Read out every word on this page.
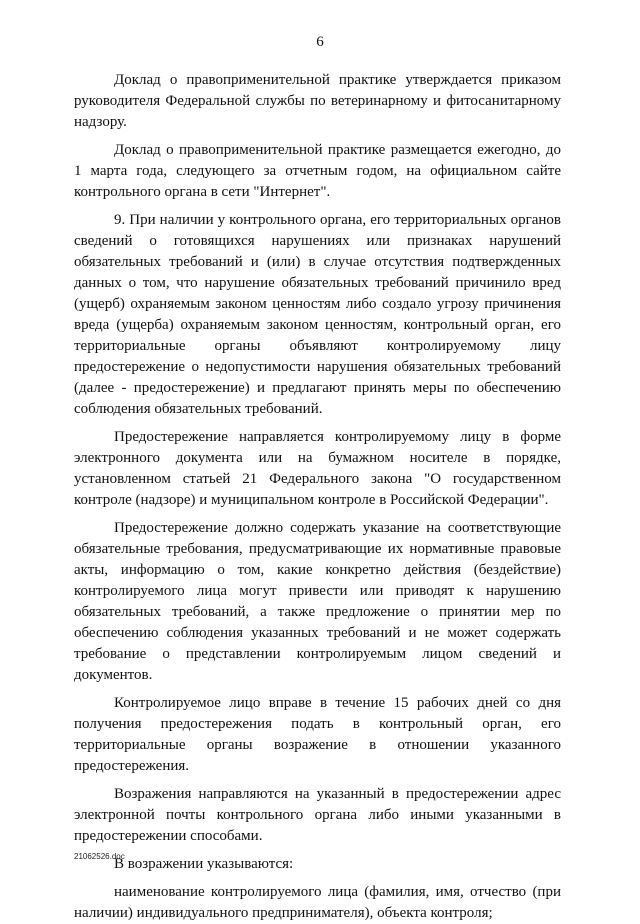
6

Доклад о правоприменительной практике утверждается приказом руководителя Федеральной службы по ветеринарному и фитосанитарному надзору.

Доклад о правоприменительной практике размещается ежегодно, до 1 марта года, следующего за отчетным годом, на официальном сайте контрольного органа в сети "Интернет".

9. При наличии у контрольного органа, его территориальных органов сведений о готовящихся нарушениях или признаках нарушений обязательных требований и (или) в случае отсутствия подтвержденных данных о том, что нарушение обязательных требований причинило вред (ущерб) охраняемым законом ценностям либо создало угрозу причинения вреда (ущерба) охраняемым законом ценностям, контрольный орган, его территориальные органы объявляют контролируемому лицу предостережение о недопустимости нарушения обязательных требований (далее - предостережение) и предлагают принять меры по обеспечению соблюдения обязательных требований.

Предостережение направляется контролируемому лицу в форме электронного документа или на бумажном носителе в порядке, установленном статьей 21 Федерального закона "О государственном контроле (надзоре) и муниципальном контроле в Российской Федерации".

Предостережение должно содержать указание на соответствующие обязательные требования, предусматривающие их нормативные правовые акты, информацию о том, какие конкретно действия (бездействие) контролируемого лица могут привести или приводят к нарушению обязательных требований, а также предложение о принятии мер по обеспечению соблюдения указанных требований и не может содержать требование о представлении контролируемым лицом сведений и документов.

Контролируемое лицо вправе в течение 15 рабочих дней со дня получения предостережения подать в контрольный орган, его территориальные органы возражение в отношении указанного предостережения.

Возражения направляются на указанный в предостережении адрес электронной почты контрольного органа либо иными указанными в предостережении способами.

В возражении указываются:

наименование контролируемого лица (фамилия, имя, отчество (при наличии) индивидуального предпринимателя), объекта контроля;

21062526.doc
